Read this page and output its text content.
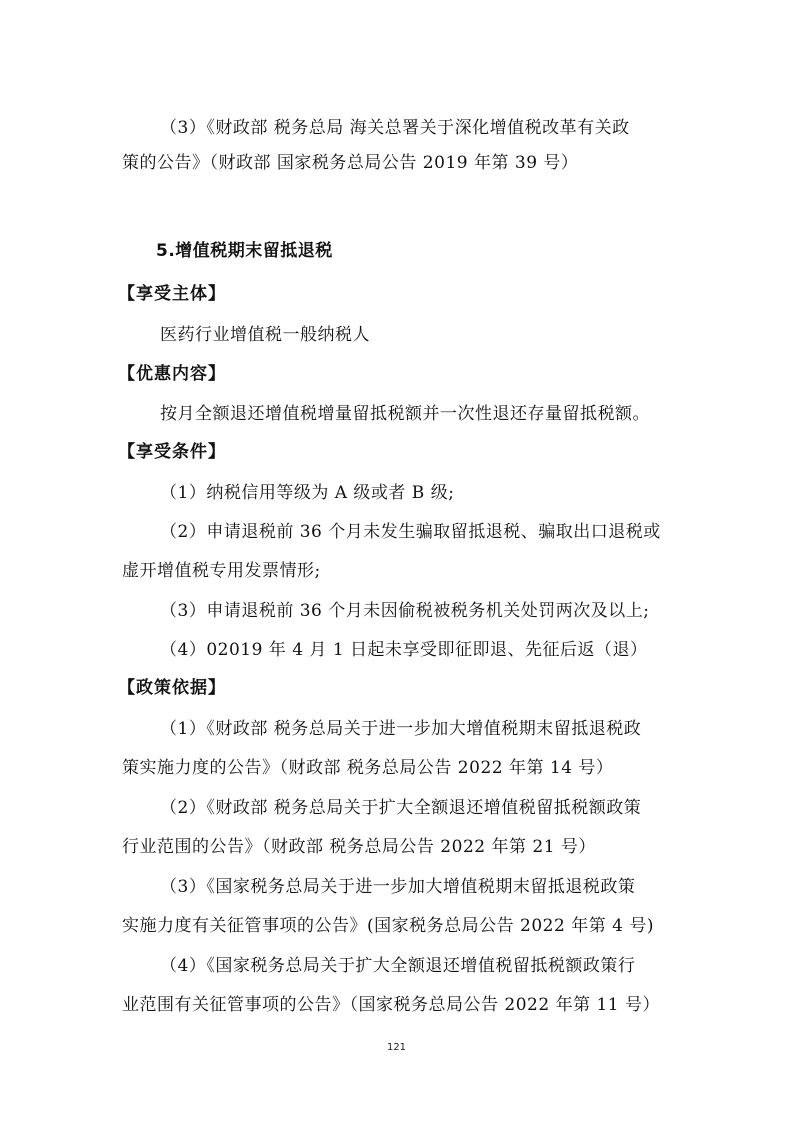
（3）《财政部 税务总局 海关总署关于深化增值税改革有关政
策的公告》（财政部 国家税务总局公告 2019 年第 39 号）
5.增值税期末留抵退税
【享受主体】
医药行业增值税一般纳税人
【优惠内容】
按月全额退还增值税增量留抵税额并一次性退还存量留抵税额。
【享受条件】
（1）纳税信用等级为 A 级或者 B 级;
（2）申请退税前 36 个月未发生骗取留抵退税、骗取出口退税或
虚开增值税专用发票情形;
（3）申请退税前 36 个月未因偷税被税务机关处罚两次及以上;
（4）02019 年 4 月 1 日起未享受即征即退、先征后返（退）
【政策依据】
（1）《财政部 税务总局关于进一步加大增值税期末留抵退税政
策实施力度的公告》（财政部 税务总局公告 2022 年第 14 号）
（2）《财政部 税务总局关于扩大全额退还增值税留抵税额政策
行业范围的公告》（财政部 税务总局公告 2022 年第 21 号）
（3）《国家税务总局关于进一步加大增值税期末留抵退税政策
实施力度有关征管事项的公告》(国家税务总局公告 2022 年第 4 号)
（4）《国家税务总局关于扩大全额退还增值税留抵税额政策行
业范围有关征管事项的公告》（国家税务总局公告 2022 年第 11 号）
121
